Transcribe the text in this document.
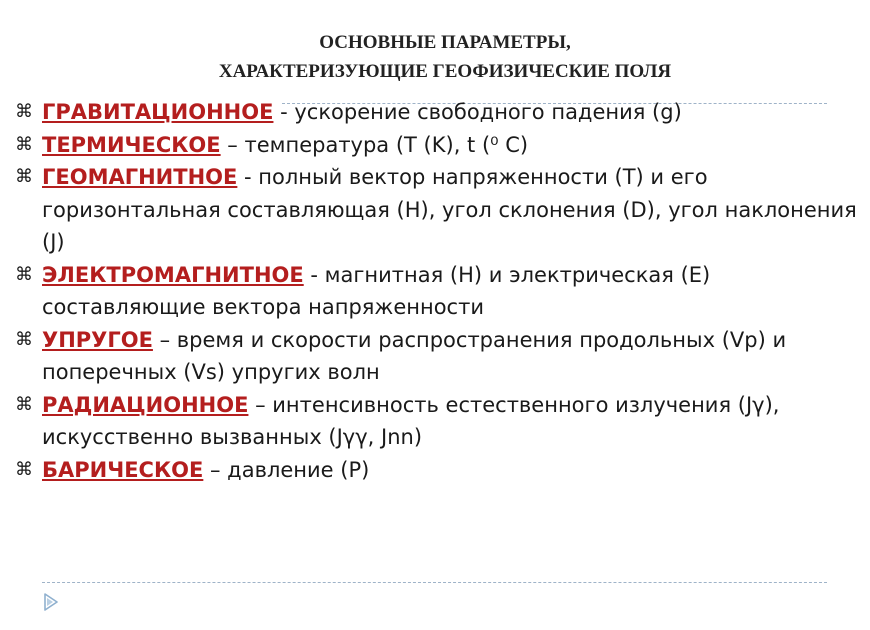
ОСНОВНЫЕ ПАРАМЕТРЫ,
ХАРАКТЕРИЗУЮЩИЕ ГЕОФИЗИЧЕСКИЕ ПОЛЯ
⌘ ГРАВИТАЦИОННОЕ - ускорение свободного падения (g)
⌘ ТЕРМИЧЕСКОЕ – температура (T (K), t (⁰ C)
⌘ ГЕОМАГНИТНОЕ - полный вектор напряженности (T) и его горизонтальная составляющая (H), угол склонения (D), угол наклонения (J)
⌘ ЭЛЕКТРОМАГНИТНОЕ - магнитная (H) и электрическая (E) составляющие вектора напряженности
⌘ УПРУГОЕ – время и скорости распространения продольных (Vp) и поперечных (Vs) упругих волн
⌘ РАДИАЦИОННОЕ – интенсивность естественного излучения (Jγ), искусственно вызванных (Jγγ, Jnn)
⌘ БАРИЧЕСКОЕ – давление (P)
